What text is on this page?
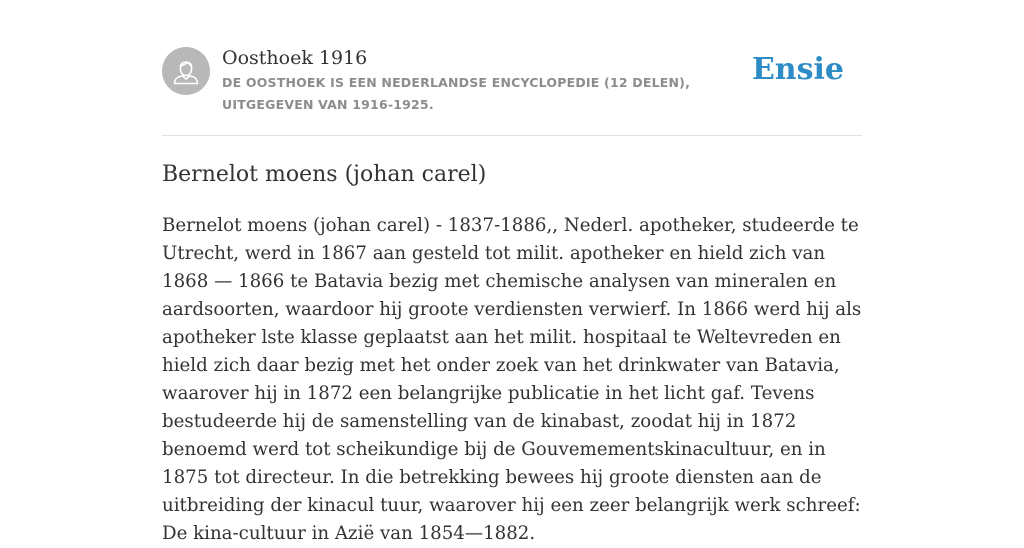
Oosthoek 1916
DE OOSTHOEK IS EEN NEDERLANDSE ENCYCLOPEDIE (12 DELEN), UITGEGEVEN VAN 1916-1925.
Ensie
Bernelot moens (johan carel)

Bernelot moens (johan carel) - 1837-1886,, Nederl. apotheker, studeerde te Utrecht, werd in 1867 aan gesteld tot milit. apotheker en hield zich van 1868 — 1866 te Batavia bezig met chemische analysen van mineralen en aardsoorten, waardoor hij groote verdiensten verwierf. In 1866 werd hij als apotheker lste klasse geplaatst aan het milit. hospitaal te Weltevreden en hield zich daar bezig met het onder zoek van het drinkwater van Batavia, waarover hij in 1872 een belangrijke publicatie in het licht gaf. Tevens bestudeerde hij de samenstelling van de kinabast, zoodat hij in 1872 benoemd werd tot scheikundige bij de Gouvemementskinacultuur, en in 1875 tot directeur. In die betrekking bewees hij groote diensten aan de uitbreiding der kinacul tuur, waarover hij een zeer belangrijk werk schreef: De kina-cultuur in Azië van 1854—1882.
